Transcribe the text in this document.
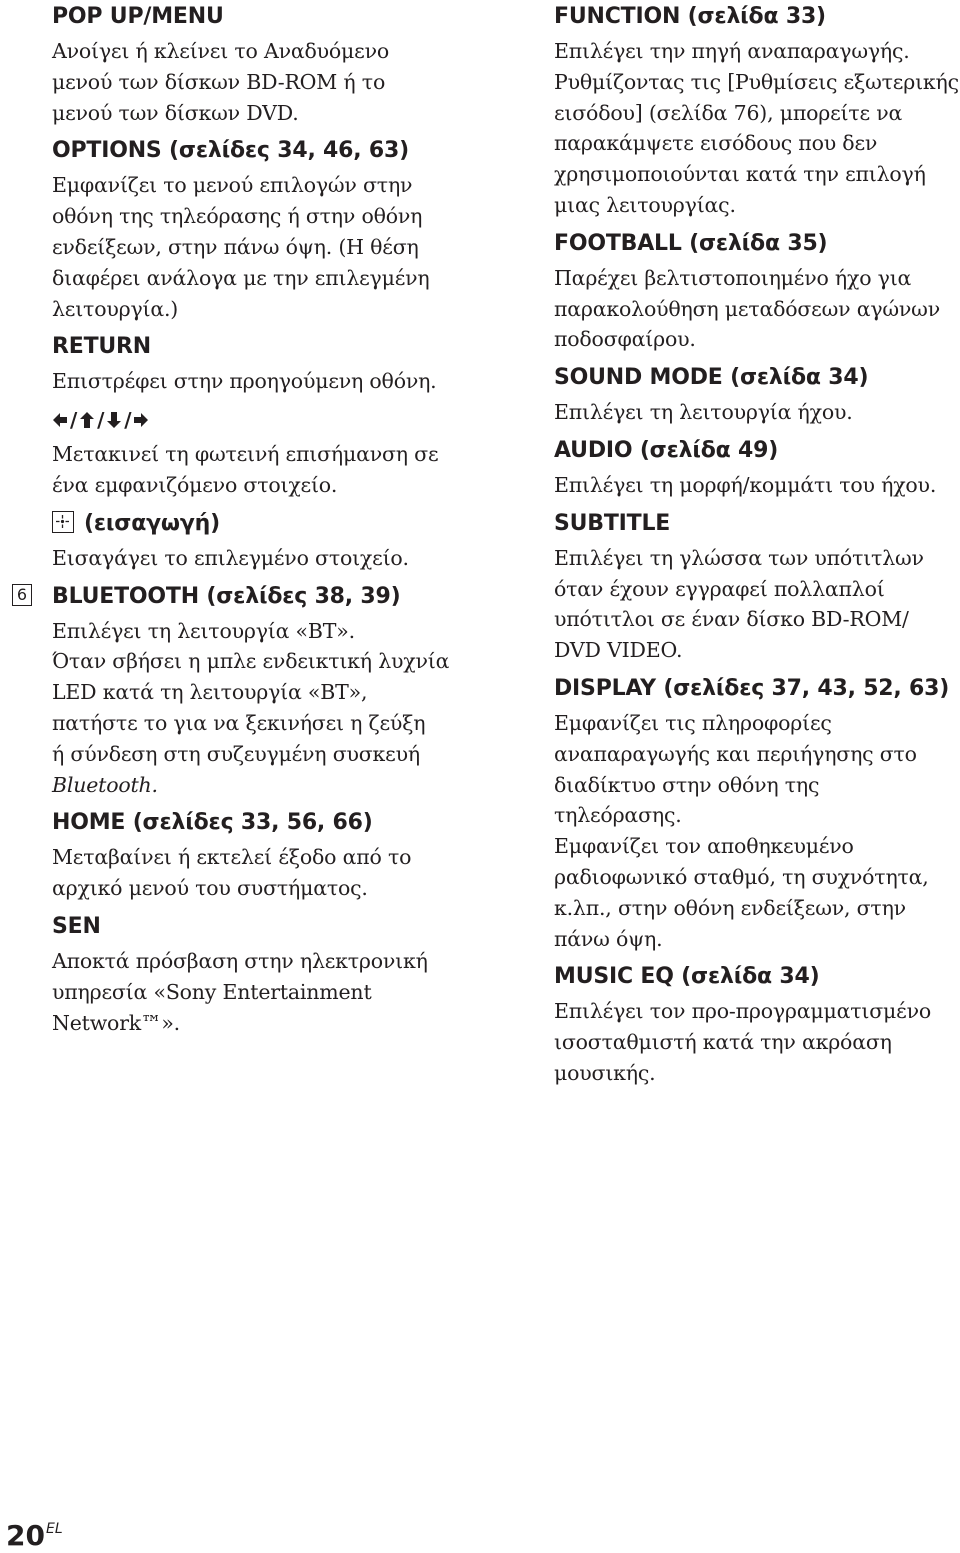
POP UP/MENU

Ανοίγει ή κλείνει το Αναδυόμενο
μενού των δίσκων BD-ROM ή το
μενού των δίσκων DVD.

OPTIONS (σελίδες 34, 46, 63)

Εμφανίζει το μενού επιλογών στην
οθόνη της τηλεόρασης ή στην οθόνη
ενδείξεων, στην πάνω όψη. (Η θέση
διαφέρει ανάλογα με την επιλεγμένη
λειτουργία.)

RETURN

Επιστρέφει στην προηγούμενη οθόνη.

/ / /

Μετακινεί τη φωτεινή επισήμανση σε
ένα εμφανιζόμενο στοιχείο.

(εισαγωγή)

Εισαγάγει το επιλεγμένο στοιχείο.

6 BLUETOOTH (σελίδες 38, 39)

Επιλέγει τη λειτουργία «BT».
Όταν σβήσει η μπλε ενδεικτική λυχνία
LED κατά τη λειτουργία «BT»,
πατήστε το για να ξεκινήσει η ζεύξη
ή σύνδεση στη συζευγμένη συσκευή
Bluetooth.

HOME (σελίδες 33, 56, 66)

Μεταβαίνει ή εκτελεί έξοδο από το
αρχικό μενού του συστήματος.

SEN

Αποκτά πρόσβαση στην ηλεκτρονική
υπηρεσία «Sony Entertainment
Network™».

FUNCTION (σελίδα 33)

Επιλέγει την πηγή αναπαραγωγής.
Ρυθμίζοντας τις [Ρυθμίσεις εξωτερικής
εισόδου] (σελίδα 76), μπορείτε να
παρακάμψετε εισόδους που δεν
χρησιμοποιούνται κατά την επιλογή
μιας λειτουργίας.

FOOTBALL (σελίδα 35)

Παρέχει βελτιστοποιημένο ήχο για
παρακολούθηση μεταδόσεων αγώνων
ποδοσφαίρου.

SOUND MODE (σελίδα 34)

Επιλέγει τη λειτουργία ήχου.

AUDIO (σελίδα 49)

Επιλέγει τη μορφή/κομμάτι του ήχου.

SUBTITLE

Επιλέγει τη γλώσσα των υπότιτλων
όταν έχουν εγγραφεί πολλαπλοί
υπότιτλοι σε έναν δίσκο BD-ROM/
DVD VIDEO.

DISPLAY (σελίδες 37, 43, 52, 63)

Εμφανίζει τις πληροφορίες
αναπαραγωγής και περιήγησης στο
διαδίκτυο στην οθόνη της
τηλεόρασης.
Εμφανίζει τον αποθηκευμένο
ραδιοφωνικό σταθμό, τη συχνότητα,
κ.λπ., στην οθόνη ενδείξεων, στην
πάνω όψη.

MUSIC EQ (σελίδα 34)

Επιλέγει τον προ-προγραμματισμένο
ισοσταθμιστή κατά την ακρόαση
μουσικής.

$20^{EL}$
